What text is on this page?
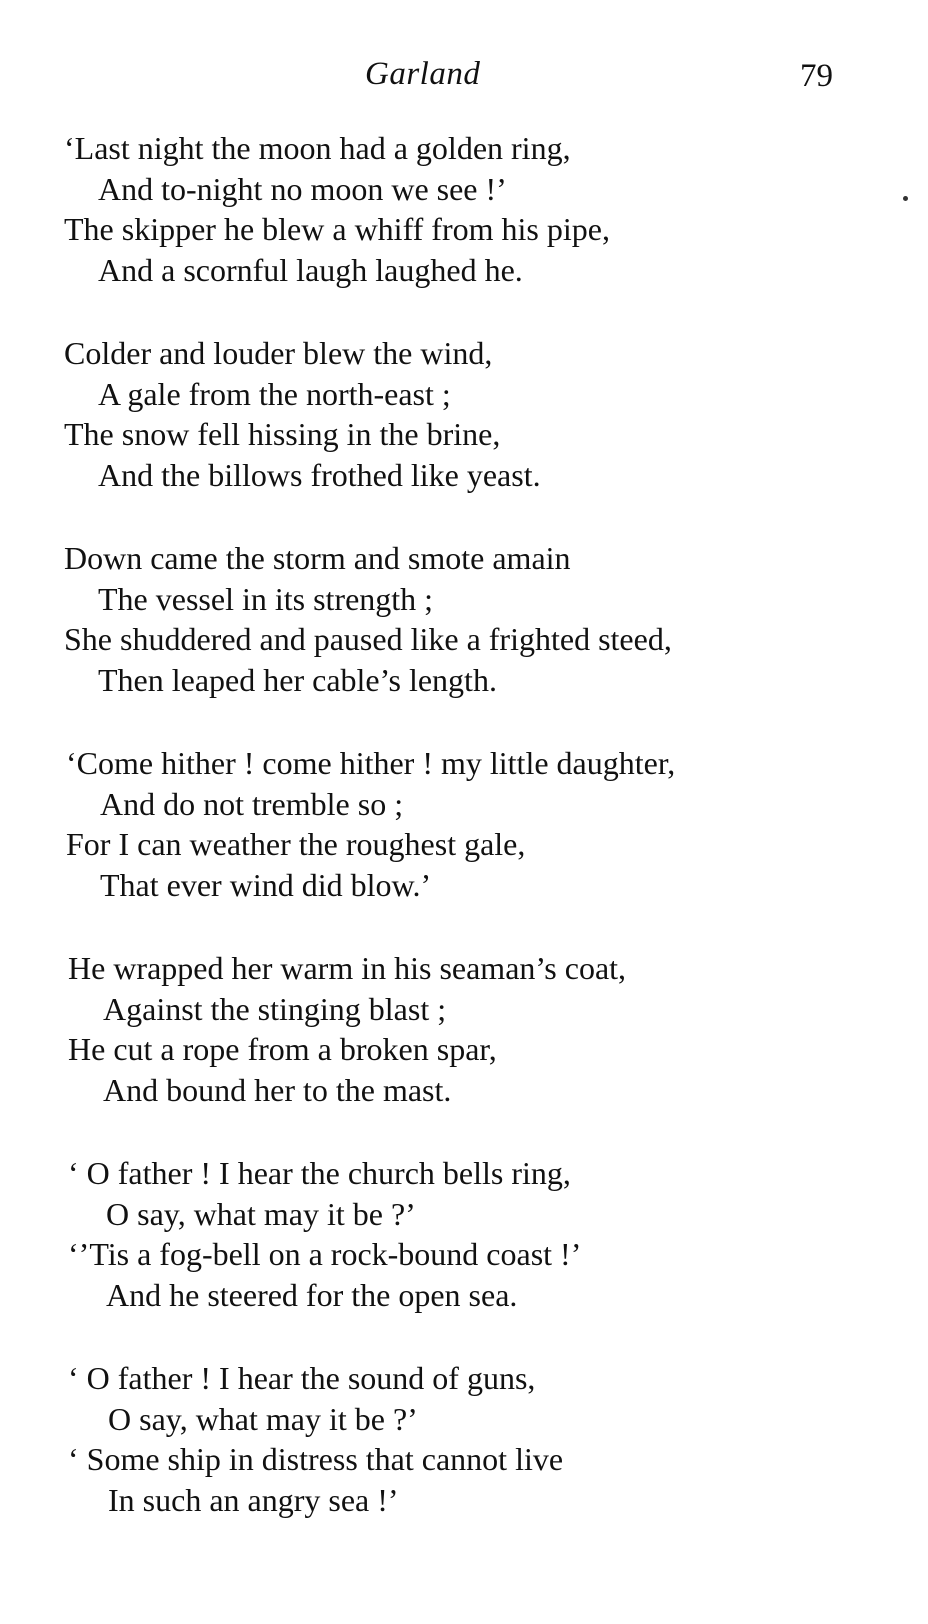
Garland	79
‘Last night the moon had a golden ring,
And to-night no moon we see !’
The skipper he blew a whiff from his pipe,
And a scornful laugh laughed he.
Colder and louder blew the wind,
A gale from the north-east ;
The snow fell hissing in the brine,
And the billows frothed like yeast.
Down came the storm and smote amain
The vessel in its strength ;
She shuddered and paused like a frighted steed,
Then leaped her cable’s length.
‘Come hither ! come hither ! my little daughter,
And do not tremble so ;
For I can weather the roughest gale,
That ever wind did blow.’
He wrapped her warm in his seaman’s coat,
Against the stinging blast ;
He cut a rope from a broken spar,
And bound her to the mast.
‘ O father ! I hear the church bells ring,
O say, what may it be ?’
‘’Tis a fog-bell on a rock-bound coast !’
And he steered for the open sea.
‘ O father ! I hear the sound of guns,
O say, what may it be ?’
‘ Some ship in distress that cannot live
In such an angry sea !’
